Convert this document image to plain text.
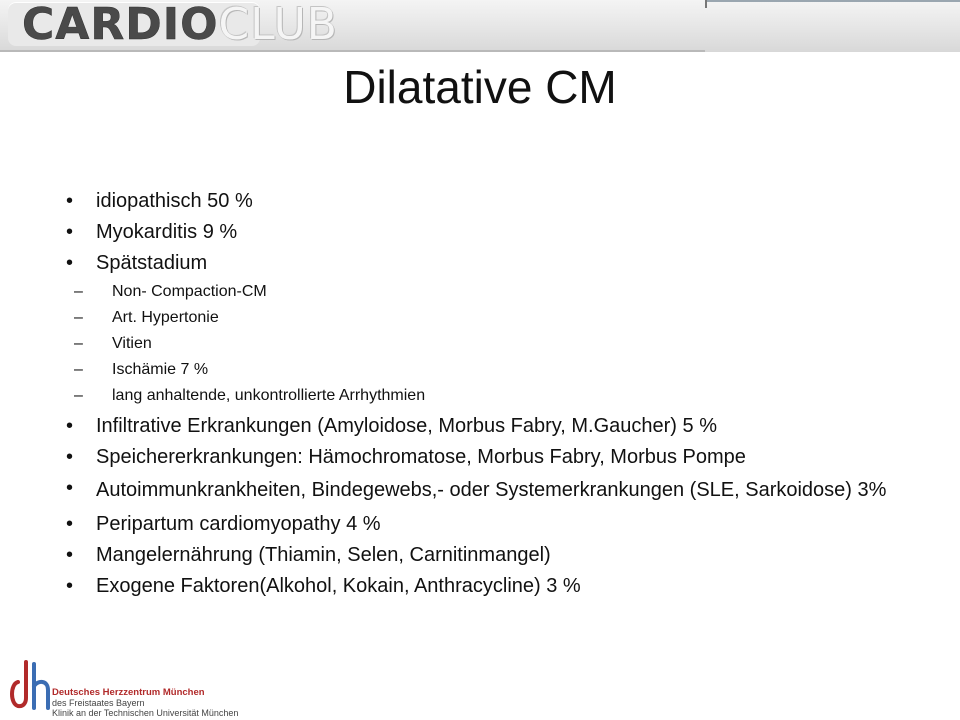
CARDIOCLUB
Dilatative CM
• idiopathisch 50 %
• Myokarditis 9 %
• Spätstadium
– Non- Compaction-CM
– Art. Hypertonie
– Vitien
– Ischämie 7 %
– lang anhaltende, unkontrollierte Arrhythmien
• Infiltrative Erkrankungen (Amyloidose, Morbus Fabry, M.Gaucher) 5 %
• Speichererkrankungen: Hämochromatose, Morbus Fabry, Morbus Pompe
• Autoimmunkrankheiten, Bindegewebs,- oder Systemerkrankungen (SLE, Sarkoidose) 3%
• Peripartum cardiomyopathy 4 %
• Mangelernährung (Thiamin, Selen, Carnitinmangel)
• Exogene Faktoren(Alkohol, Kokain, Anthracycline) 3 %
Deutsches Herzzentrum München
des Freistaates Bayern
Klinik an der Technischen Universität München
